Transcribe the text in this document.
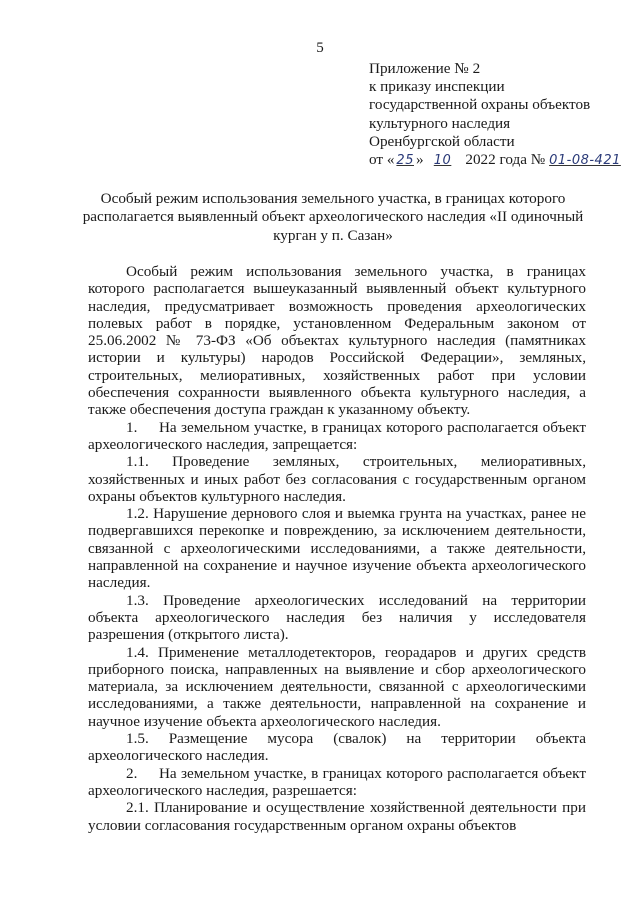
5
Приложение № 2
к приказу инспекции
государственной охраны объектов
культурного наследия
Оренбургской области
от « 25 » 10 2022 года № 01-08-421
Особый режим использования земельного участка, в границах которого располагается выявленный объект археологического наследия «II одиночный курган у п. Сазан»

Особый режим использования земельного участка, в границах которого располагается вышеуказанный выявленный объект культурного наследия, предусматривает возможность проведения археологических полевых работ в порядке, установленном Федеральным законом от 25.06.2002 № 73-ФЗ «Об объектах культурного наследия (памятниках истории и культуры) народов Российской Федерации», земляных, строительных, мелиоративных, хозяйственных работ при условии обеспечения сохранности выявленного объекта культурного наследия, а также обеспечения доступа граждан к указанному объекту.

1.     На земельном участке, в границах которого располагается объект археологического наследия, запрещается:

1.1. Проведение земляных, строительных, мелиоративных, хозяйственных и иных работ без согласования с государственным органом охраны объектов культурного наследия.

1.2. Нарушение дернового слоя и выемка грунта на участках, ранее не подвергавшихся перекопке и повреждению, за исключением деятельности, связанной с археологическими исследованиями, а также деятельности, направленной на сохранение и научное изучение объекта археологического наследия.

1.3. Проведение археологических исследований на территории объекта археологического наследия без наличия у исследователя разрешения (открытого листа).

1.4. Применение металлодетекторов, георадаров и других средств приборного поиска, направленных на выявление и сбор археологического материала, за исключением деятельности, связанной с археологическими исследованиями, а также деятельности, направленной на сохранение и научное изучение объекта археологического наследия.

1.5. Размещение мусора (свалок) на территории объекта археологического наследия.

2.     На земельном участке, в границах которого располагается объект археологического наследия, разрешается:

2.1. Планирование и осуществление хозяйственной деятельности при условии согласования государственным органом охраны объектов
